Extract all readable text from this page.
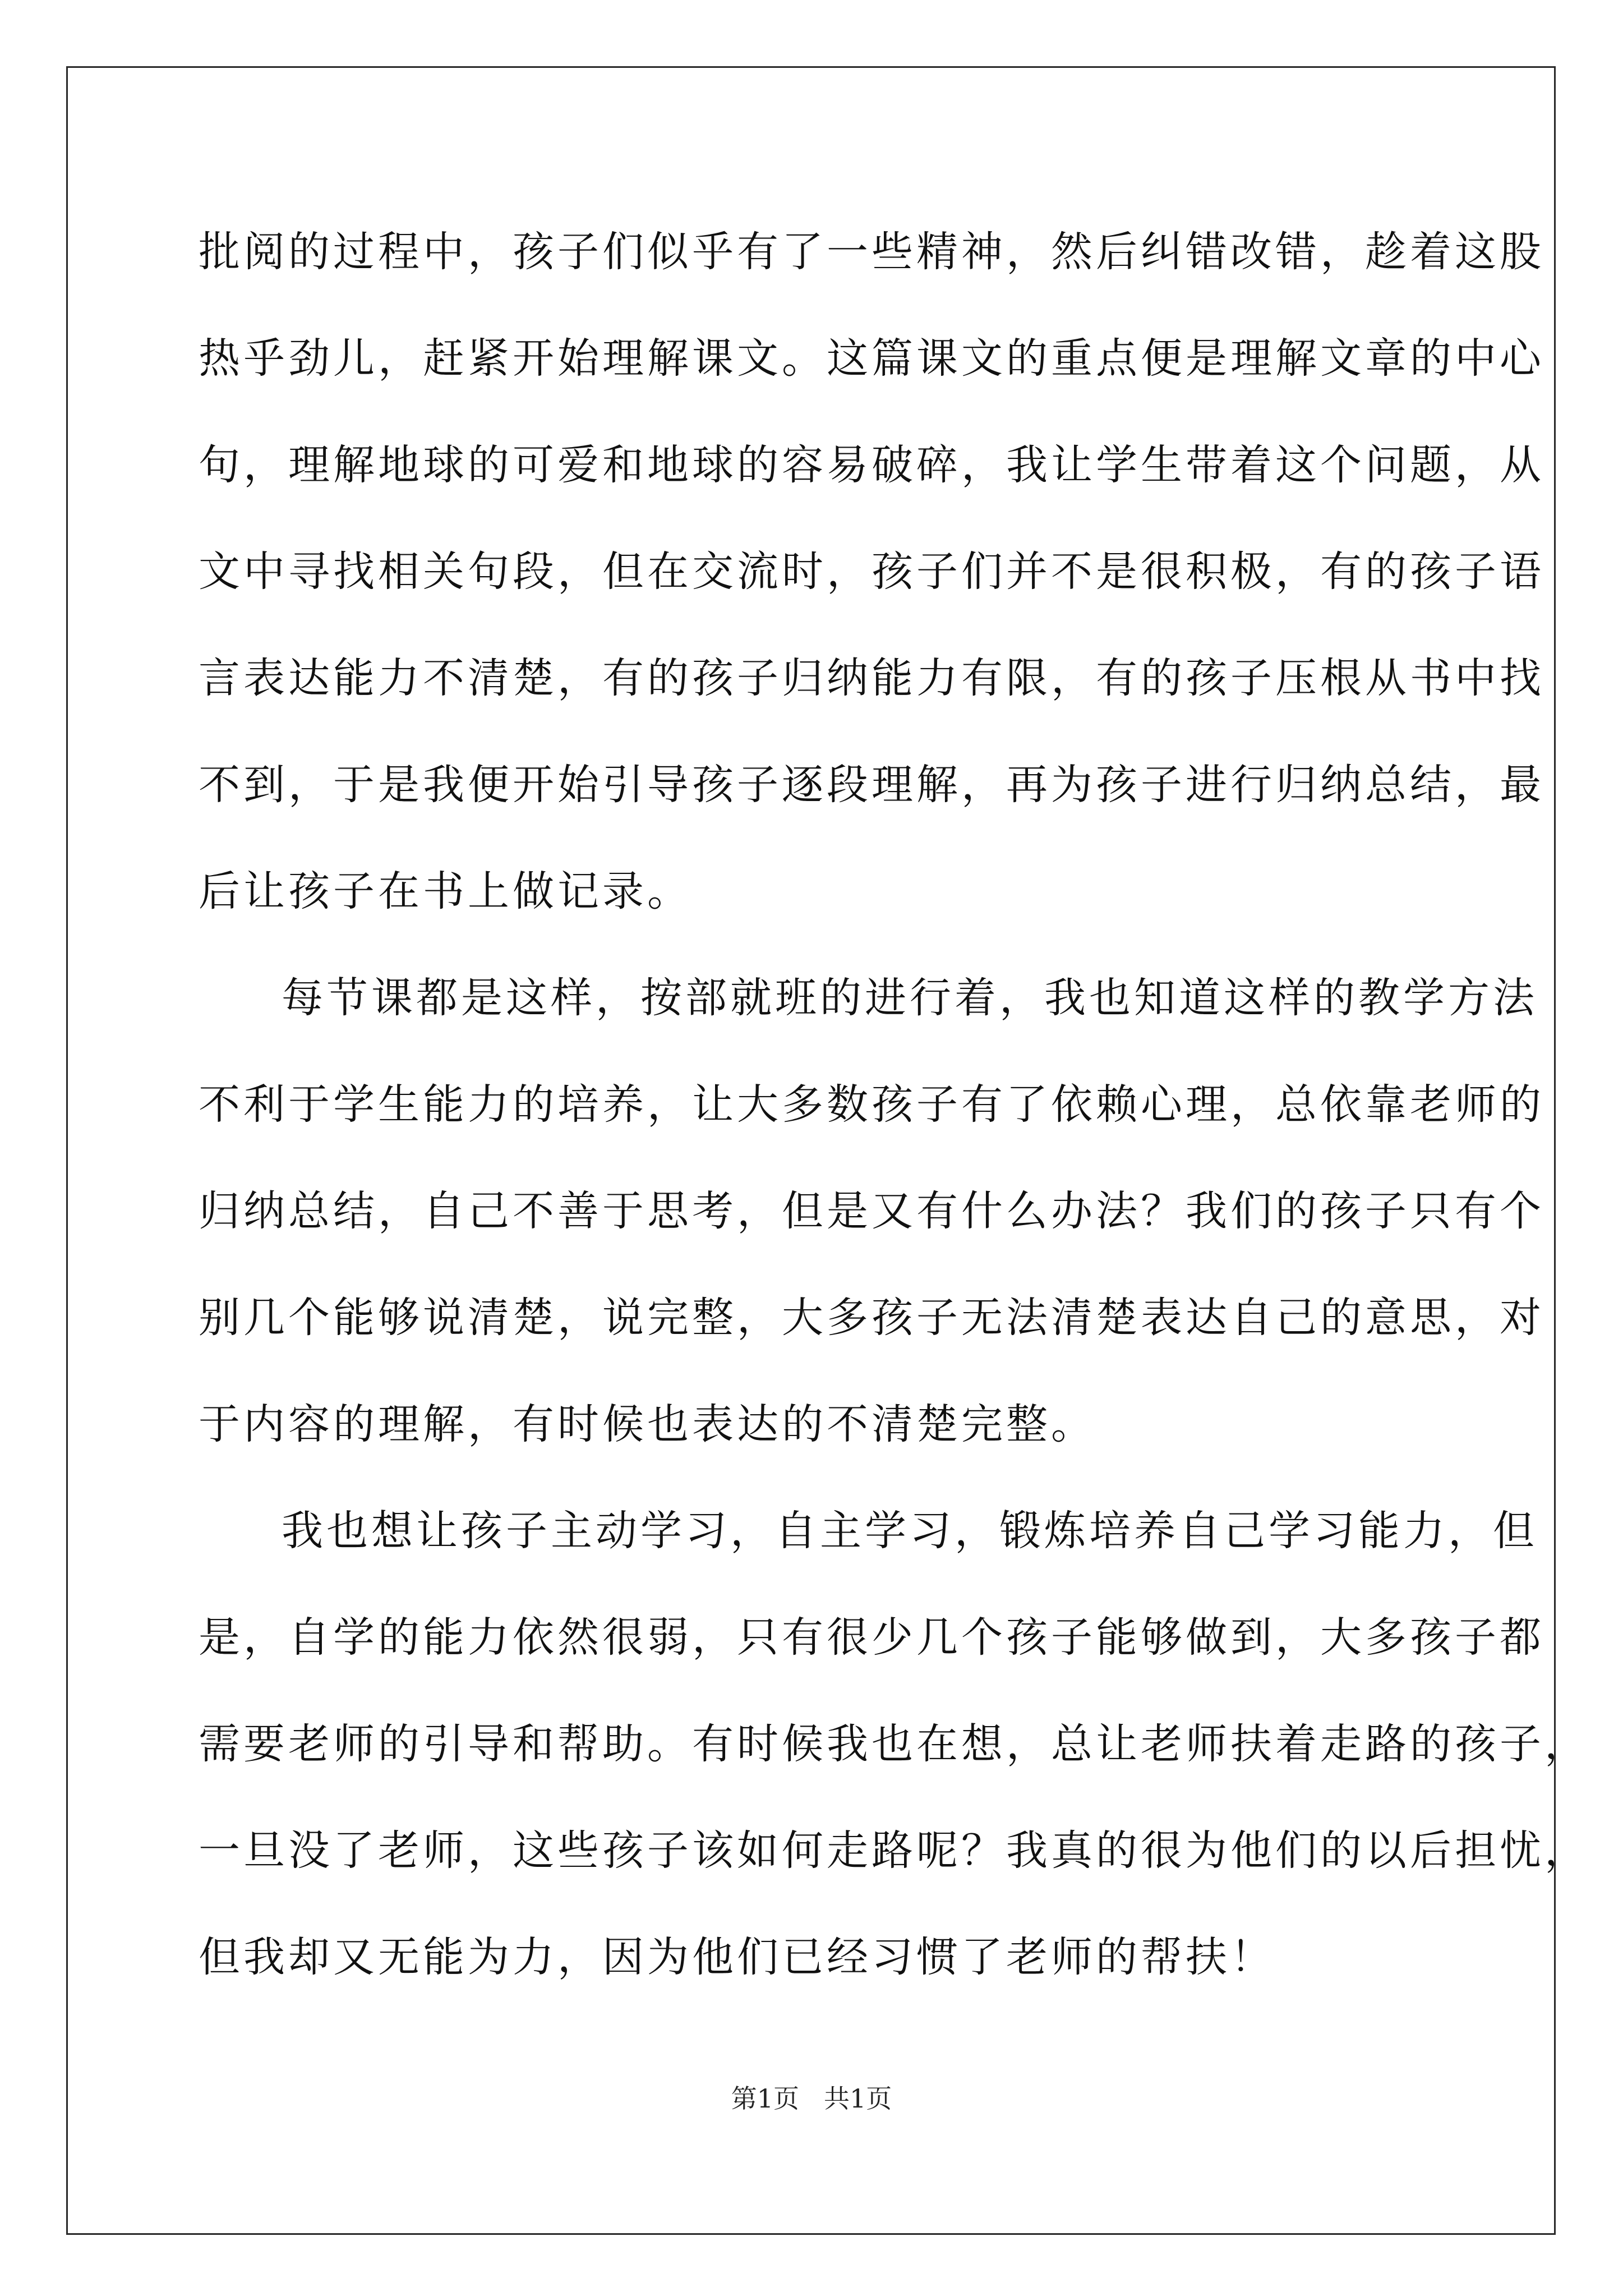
批阅的过程中，孩子们似乎有了一些精神，然后纠错改错，趁着这股
热乎劲儿，赶紧开始理解课文。这篇课文的重点便是理解文章的中心
句，理解地球的可爱和地球的容易破碎，我让学生带着这个问题，从
文中寻找相关句段，但在交流时，孩子们并不是很积极，有的孩子语
言表达能力不清楚，有的孩子归纳能力有限，有的孩子压根从书中找
不到，于是我便开始引导孩子逐段理解，再为孩子进行归纳总结，最
后让孩子在书上做记录。
每节课都是这样，按部就班的进行着，我也知道这样的教学方法
不利于学生能力的培养，让大多数孩子有了依赖心理，总依靠老师的
归纳总结，自己不善于思考，但是又有什么办法？我们的孩子只有个
别几个能够说清楚，说完整，大多孩子无法清楚表达自己的意思，对
于内容的理解，有时候也表达的不清楚完整。
我也想让孩子主动学习，自主学习，锻炼培养自己学习能力，但
是，自学的能力依然很弱，只有很少几个孩子能够做到，大多孩子都
需要老师的引导和帮助。有时候我也在想，总让老师扶着走路的孩子，
一旦没了老师，这些孩子该如何走路呢？我真的很为他们的以后担忧，
但我却又无能为力，因为他们已经习惯了老师的帮扶！
第1页 共1页
